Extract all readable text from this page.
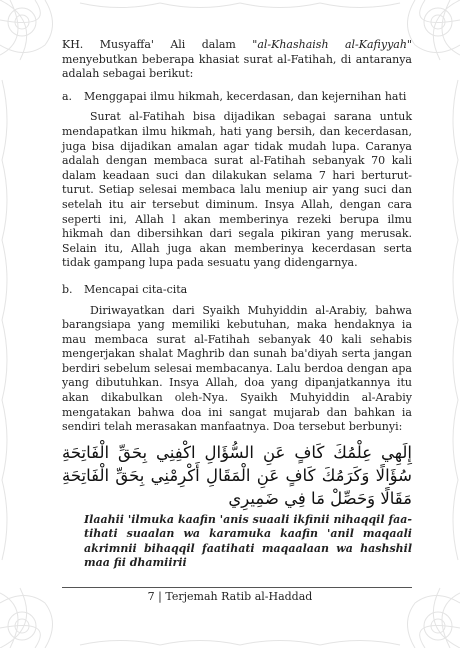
KH. Musyaffa' Ali dalam "al-Khashaish al-Kafiyyah" menyebutkan beberapa khasiat surat al-Fatihah, di antaranya adalah sebagai berikut:

a.	Menggapai ilmu hikmah, kecerdasan, dan kejernihan hati

Surat al-Fatihah bisa dijadikan sebagai sarana untuk mendapatkan ilmu hikmah, hati yang bersih, dan kecerdasan, juga bisa dijadikan amalan agar tidak mudah lupa. Caranya adalah dengan membaca surat al-Fatihah sebanyak 70 kali dalam keadaan suci dan dilakukan selama 7 hari berturut-turut. Setiap selesai membaca lalu meniup air yang suci dan setelah itu air tersebut diminum. Insya Allah, dengan cara seperti ini, Allah l akan memberinya rezeki berupa ilmu hikmah dan dibersihkan dari segala pikiran yang merusak. Selain itu, Allah juga akan memberinya kecerdasan serta tidak gampang lupa pada sesuatu yang didengarnya.

b.	Mencapai cita-cita

Diriwayatkan dari Syaikh Muhyiddin al-Arabiy, bahwa barangsiapa yang memiliki kebutuhan, maka hendaknya ia mau membaca surat al-Fatihah sebanyak 40 kali sehabis mengerjakan shalat Maghrib dan sunah ba'diyah serta jangan berdiri sebelum selesai membacanya. Lalu berdoa dengan apa yang dibutuhkan. Insya Allah, doa yang dipanjatkannya itu akan dikabulkan oleh-Nya. Syaikh Muhyiddin al-Arabiy mengatakan bahwa doa ini sangat mujarab dan bahkan ia sendiri telah merasakan manfaatnya. Doa tersebut berbunyi:

إِلَهِي عِلْمُكَ كَافٍ عَنِ السُّؤَالِ اكْفِنِي بِحَقِّ الْفَاتِحَةِ سُؤَالًا وَكَرَمُكَ كَافٍ عَنِ الْمَقَالِ أَكْرِمْنِي بِحَقِّ الْفَاتِحَةِ مَقَالًا وَحَصِّلْ مَا فِي ضَمِيرِي

Ilaahii 'ilmuka kaafin 'anis suaali ikfinii nihaqqil faa-tihati suaalan wa karamuka kaafin 'anil maqaali akrimnii bihaqqil faatihati maqaalaan wa hashshil maa fii dhamiirii

7 | Terjemah Ratib al-Haddad
